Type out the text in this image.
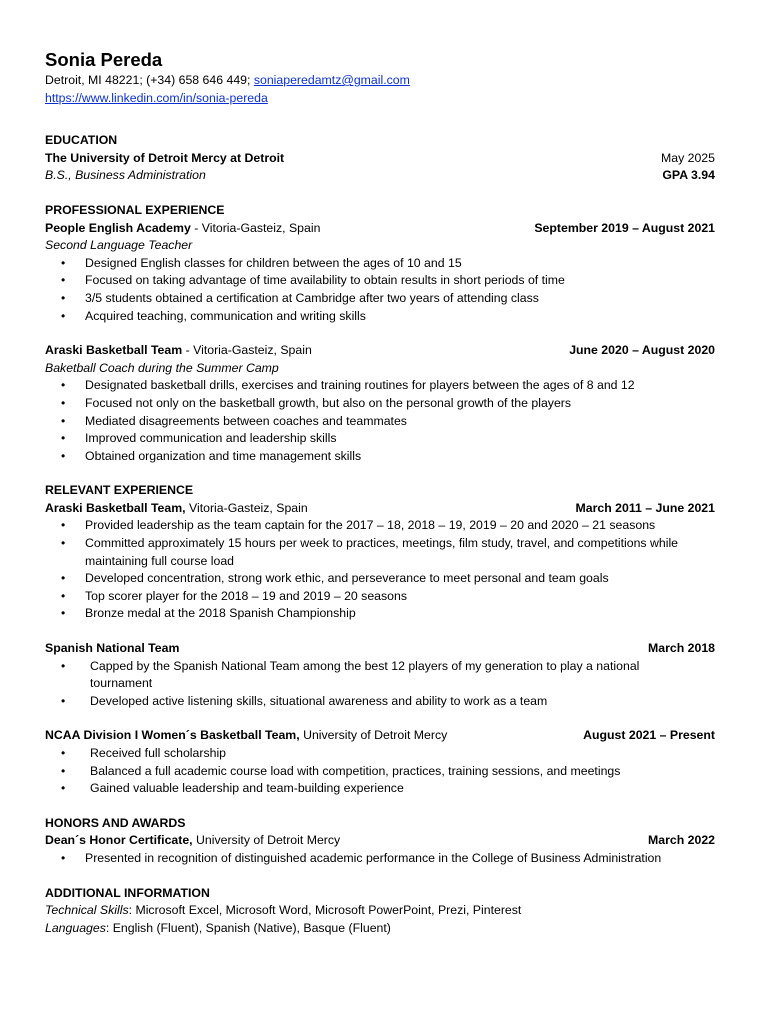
Sonia Pereda
Detroit, MI 48221; (+34) 658 646 449; soniaperedamtz@gmail.com
https://www.linkedin.com/in/sonia-pereda
EDUCATION
The University of Detroit Mercy at Detroit	May 2025
B.S., Business Administration	GPA 3.94
PROFESSIONAL EXPERIENCE
People English Academy - Vitoria-Gasteiz, Spain	September 2019 – August 2021
Second Language Teacher
• Designed English classes for children between the ages of 10 and 15
• Focused on taking advantage of time availability to obtain results in short periods of time
• 3/5 students obtained a certification at Cambridge after two years of attending class
• Acquired teaching, communication and writing skills
Araski Basketball Team - Vitoria-Gasteiz, Spain	June 2020 – August 2020
Baketball Coach during the Summer Camp
• Designated basketball drills, exercises and training routines for players between the ages of 8 and 12
• Focused not only on the basketball growth, but also on the personal growth of the players
• Mediated disagreements between coaches and teammates
• Improved communication and leadership skills
• Obtained organization and time management skills
RELEVANT EXPERIENCE
Araski Basketball Team, Vitoria-Gasteiz, Spain	March 2011 – June 2021
• Provided leadership as the team captain for the 2017 – 18, 2018 – 19, 2019 – 20 and 2020 – 21 seasons
• Committed approximately 15 hours per week to practices, meetings, film study, travel, and competitions while
maintaining full course load
• Developed concentration, strong work ethic, and perseverance to meet personal and team goals
• Top scorer player for the 2018 – 19 and 2019 – 20 seasons
• Bronze medal at the 2018 Spanish Championship
Spanish National Team	March 2018
• Capped by the Spanish National Team among the best 12 players of my generation to play a national
tournament
• Developed active listening skills, situational awareness and ability to work as a team
NCAA Division I Women´s Basketball Team, University of Detroit Mercy	August 2021 – Present
• Received full scholarship
• Balanced a full academic course load with competition, practices, training sessions, and meetings
• Gained valuable leadership and team-building experience
HONORS AND AWARDS
Dean´s Honor Certificate, University of Detroit Mercy	March 2022
• Presented in recognition of distinguished academic performance in the College of Business Administration
ADDITIONAL INFORMATION
Technical Skills: Microsoft Excel, Microsoft Word, Microsoft PowerPoint, Prezi, Pinterest
Languages: English (Fluent), Spanish (Native), Basque (Fluent)
